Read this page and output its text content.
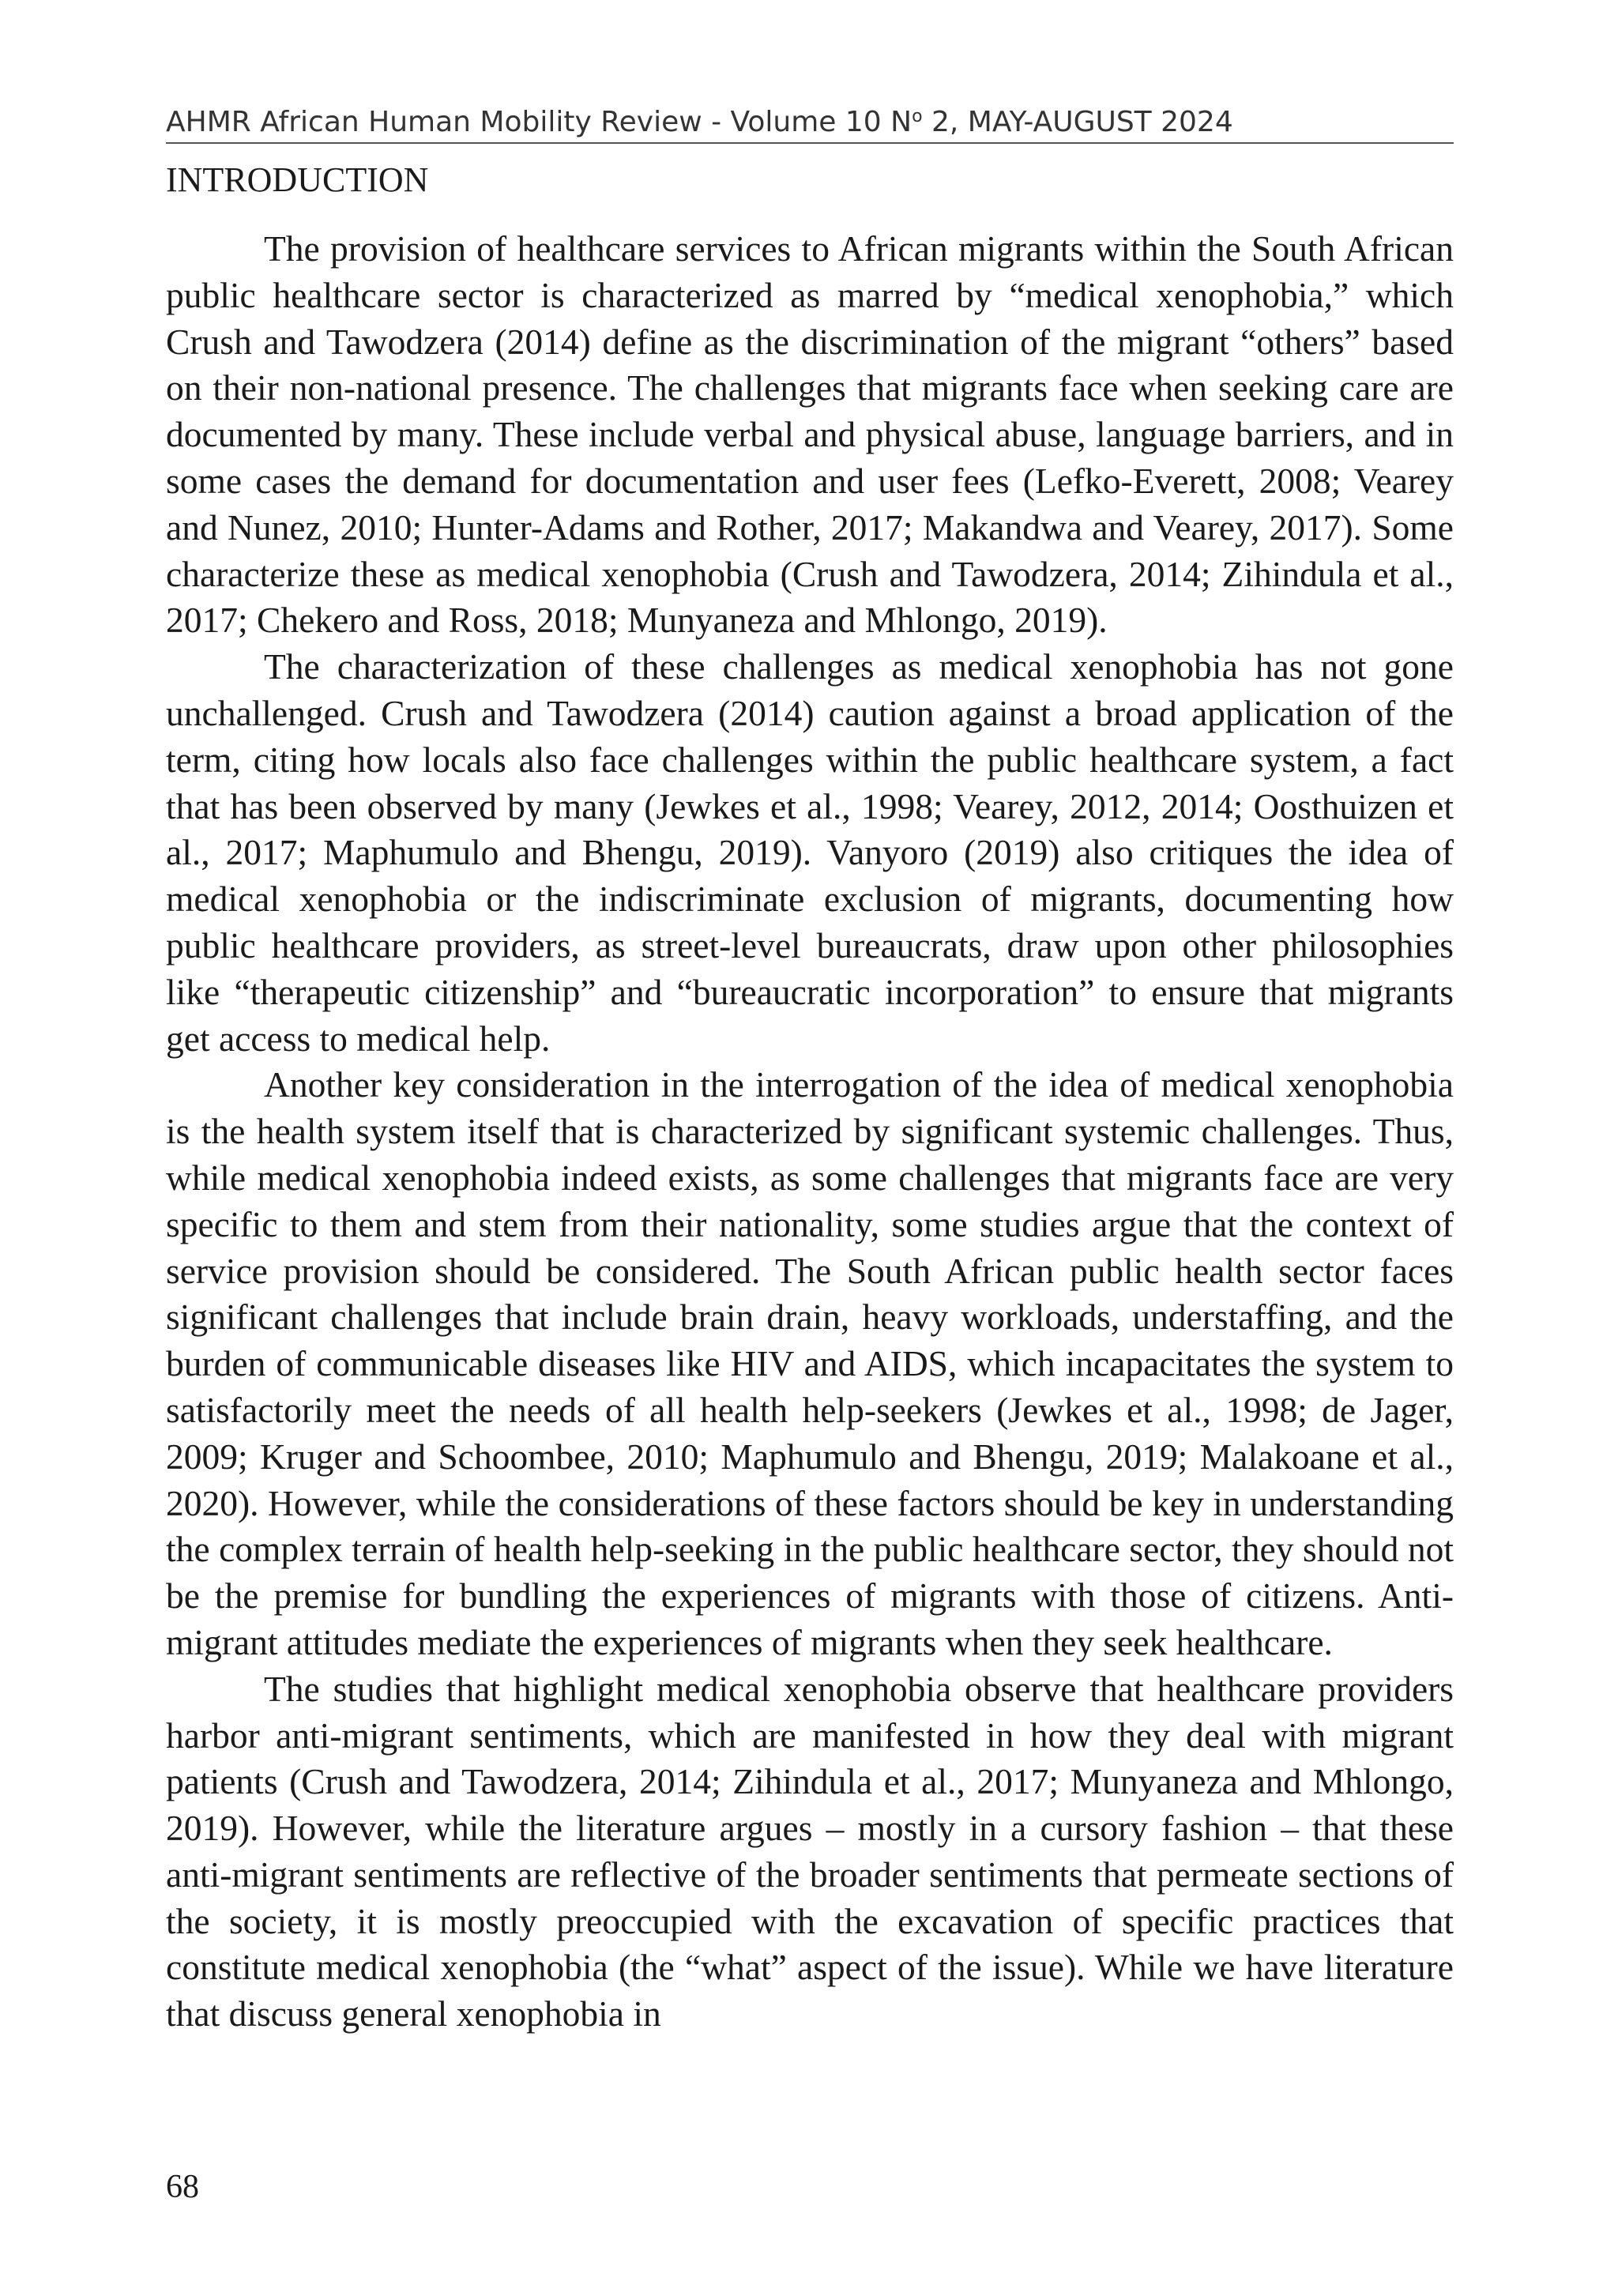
AHMR African Human Mobility Review - Volume 10 $N^o$ 2, MAY-AUGUST 2024
INTRODUCTION

The provision of healthcare services to African migrants within the South African public healthcare sector is characterized as marred by “medical xenophobia,” which Crush and Tawodzera (2014) define as the discrimination of the migrant “others” based on their non-national presence. The challenges that migrants face when seeking care are documented by many. These include verbal and physical abuse, language barriers, and in some cases the demand for documentation and user fees (Lefko-Everett, 2008; Vearey and Nunez, 2010; Hunter-Adams and Rother, 2017; Makandwa and Vearey, 2017). Some characterize these as medical xenophobia (Crush and Tawodzera, 2014; Zihindula et al., 2017; Chekero and Ross, 2018; Munyaneza and Mhlongo, 2019).

The characterization of these challenges as medical xenophobia has not gone unchallenged. Crush and Tawodzera (2014) caution against a broad application of the term, citing how locals also face challenges within the public healthcare system, a fact that has been observed by many (Jewkes et al., 1998; Vearey, 2012, 2014; Oosthuizen et al., 2017; Maphumulo and Bhengu, 2019). Vanyoro (2019) also critiques the idea of medical xenophobia or the indiscriminate exclusion of migrants, documenting how public healthcare providers, as street-level bureaucrats, draw upon other philosophies like “therapeutic citizenship” and “bureaucratic incorporation” to ensure that migrants get access to medical help.

Another key consideration in the interrogation of the idea of medical xenophobia is the health system itself that is characterized by significant systemic challenges. Thus, while medical xenophobia indeed exists, as some challenges that migrants face are very specific to them and stem from their nationality, some studies argue that the context of service provision should be considered. The South African public health sector faces significant challenges that include brain drain, heavy workloads, understaffing, and the burden of communicable diseases like HIV and AIDS, which incapacitates the system to satisfactorily meet the needs of all health help-seekers (Jewkes et al., 1998; de Jager, 2009; Kruger and Schoombee, 2010; Maphumulo and Bhengu, 2019; Malakoane et al., 2020). However, while the considerations of these factors should be key in understanding the complex terrain of health help-seeking in the public healthcare sector, they should not be the premise for bundling the experiences of migrants with those of citizens. Anti-migrant attitudes mediate the experiences of migrants when they seek healthcare.

The studies that highlight medical xenophobia observe that healthcare providers harbor anti-migrant sentiments, which are manifested in how they deal with migrant patients (Crush and Tawodzera, 2014; Zihindula et al., 2017; Munyaneza and Mhlongo, 2019). However, while the literature argues – mostly in a cursory fashion – that these anti-migrant sentiments are reflective of the broader sentiments that permeate sections of the society, it is mostly preoccupied with the excavation of specific practices that constitute medical xenophobia (the “what” aspect of the issue). While we have literature that discuss general xenophobia in

68
